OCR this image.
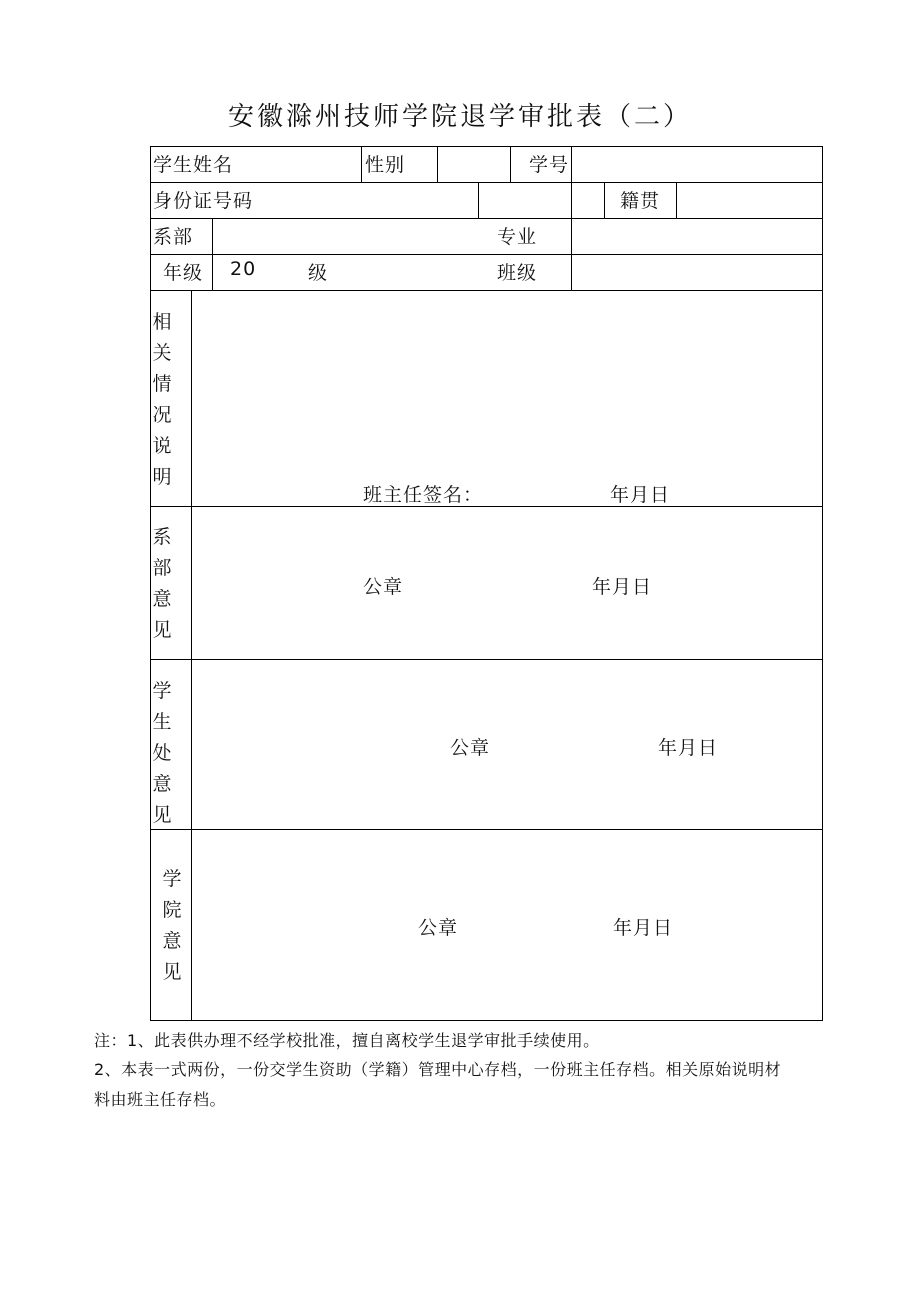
安徽滁州技师学院退学审批表（二）
学生姓名	性别	学号
身份证号码	籍贯
系部	专业
年级 20	级	班级
相关情况说明
班主任签名：	年月日
系部意见
公章	年月日
学生处意见
公章	年月日
学院意见
公章	年月日
注：1、此表供办理不经学校批准，擅自离校学生退学审批手续使用。
2、本表一式两份，一份交学生资助（学籍）管理中心存档，一份班主任存档。相关原始说明材
料由班主任存档。
